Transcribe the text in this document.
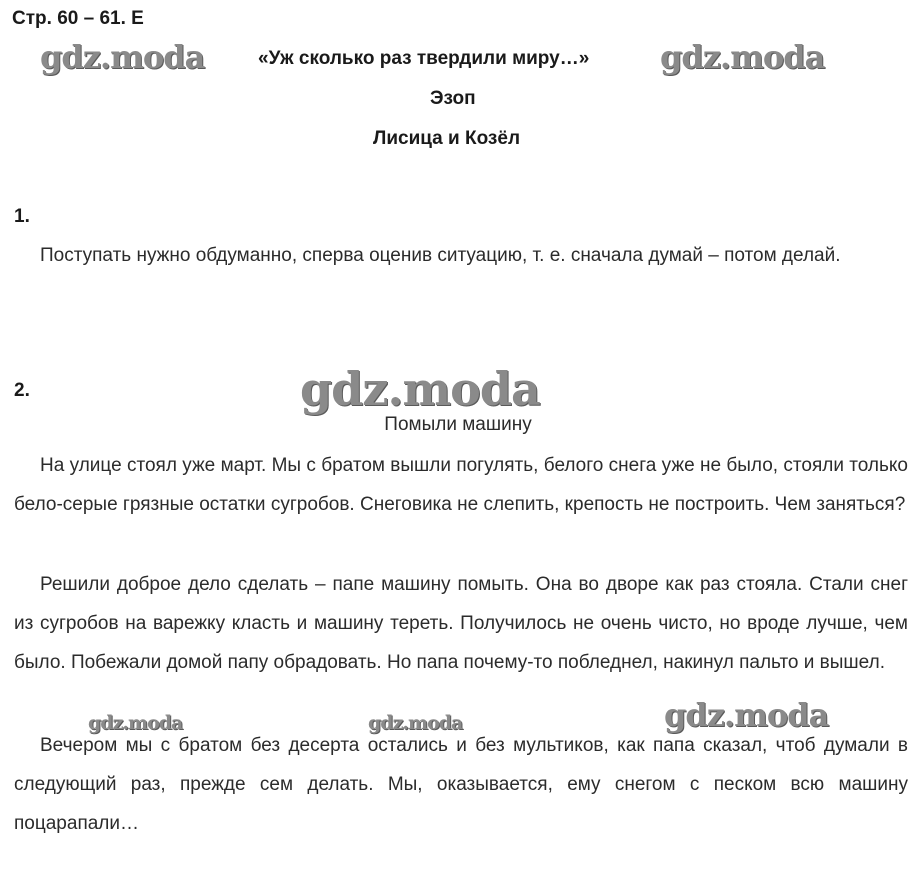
Стр. 60 – 61. Е
gdz.moda	«Уж сколько раз твердили миру…» gdz.moda
Эзоп
Лисица и Козёл
1.

Поступать нужно обдуманно, сперва оценив ситуацию, т. е. сначала думай – потом делай.

2.	gdz.moda
Помыли машину

На улице стоял уже март. Мы с братом вышли погулять, белого снега уже не было, стояли только бело-серые грязные остатки сугробов. Снеговика не слепить, крепость не построить. Чем заняться?

Решили доброе дело сделать – папе машину помыть. Она во дворе как раз стояла. Стали снег из сугробов на варежку класть и машину тереть. Получилось не очень чисто, но вроде лучше, чем было. Побежали домой папу обрадовать. Но папа почему-то побледнел, накинул пальто и вышел.

gdz.moda	gdz.moda	gdz.moda

Вечером мы с братом без десерта остались и без мультиков, как папа сказал, чтоб думали в следующий раз, прежде сем делать. Мы, оказывается, ему снегом с песком всю машину поцарапали…
